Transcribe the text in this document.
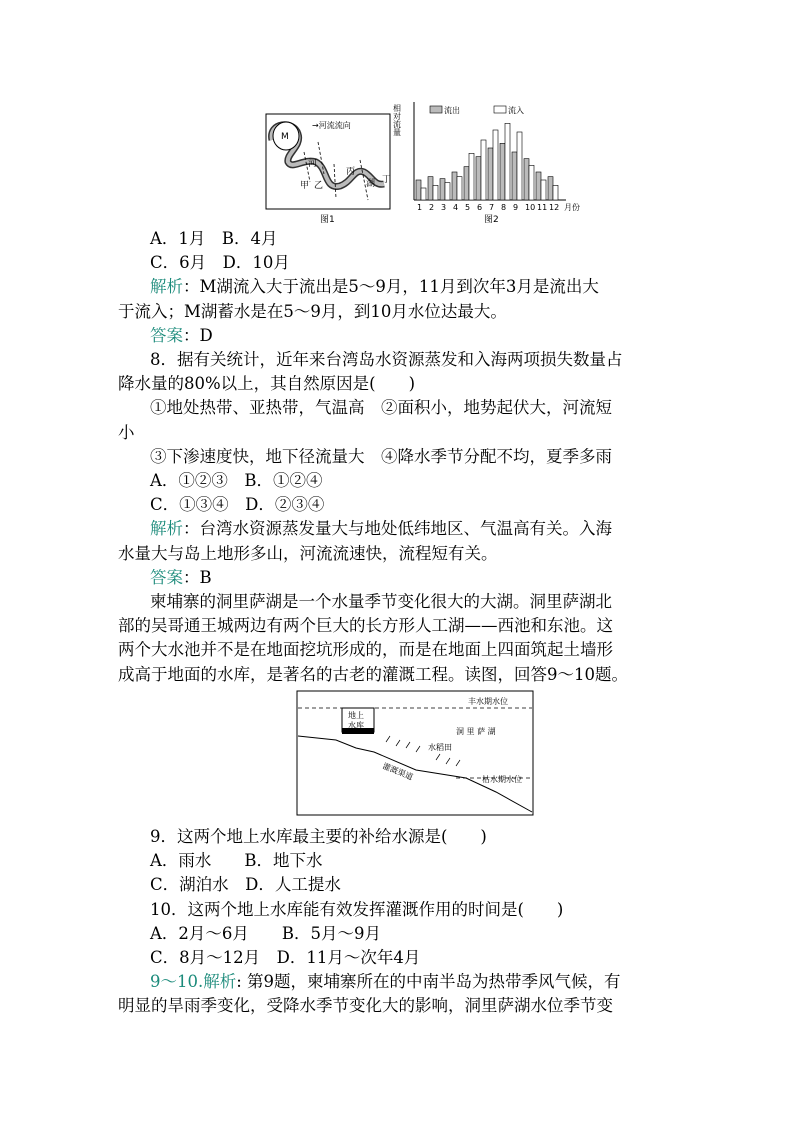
M
→河流流向
河
甲 乙
丙
丁
湖
图1
相对流量	流出	流入
1 2 3 4 5 6 7 8 9 10 11 12 月份
图2
A．1月　B．4月
C．6月　D．10月
解析：M湖流入大于流出是5～9月，11月到次年3月是流出大
于流入；M湖蓄水是在5～9月，到10月水位达最大。
答案：D
8．据有关统计，近年来台湾岛水资源蒸发和入海两项损失数量占
降水量的80%以上，其自然原因是(　　)
①地处热带、亚热带，气温高　②面积小，地势起伏大，河流短
小
③下渗速度快，地下径流量大　④降水季节分配不均，夏季多雨
A．①②③　B．①②④
C．①③④　D．②③④
解析：台湾水资源蒸发量大与地处低纬地区、气温高有关。入海
水量大与岛上地形多山，河流流速快，流程短有关。
答案：B
柬埔寨的洞里萨湖是一个水量季节变化很大的大湖。洞里萨湖北
部的吴哥通王城两边有两个巨大的长方形人工湖——西池和东池。这
两个大水池并不是在地面挖坑形成的，而是在地面上四面筑起土墙形
成高于地面的水库，是著名的古老的灌溉工程。读图，回答9～10题。
地上
水库
丰水期水位
洞 里 萨 湖
水稻田
灌溉渠道	枯水期水位
9．这两个地上水库最主要的补给水源是(　　)
A．雨水　　B．地下水
C．湖泊水　D．人工提水
10．这两个地上水库能有效发挥灌溉作用的时间是(　　)
A．2月～6月　　B．5月～9月
C．8月～12月　D．11月～次年4月
9～10.解析: 第9题，柬埔寨所在的中南半岛为热带季风气候，有
明显的旱雨季变化，受降水季节变化大的影响，洞里萨湖水位季节变
